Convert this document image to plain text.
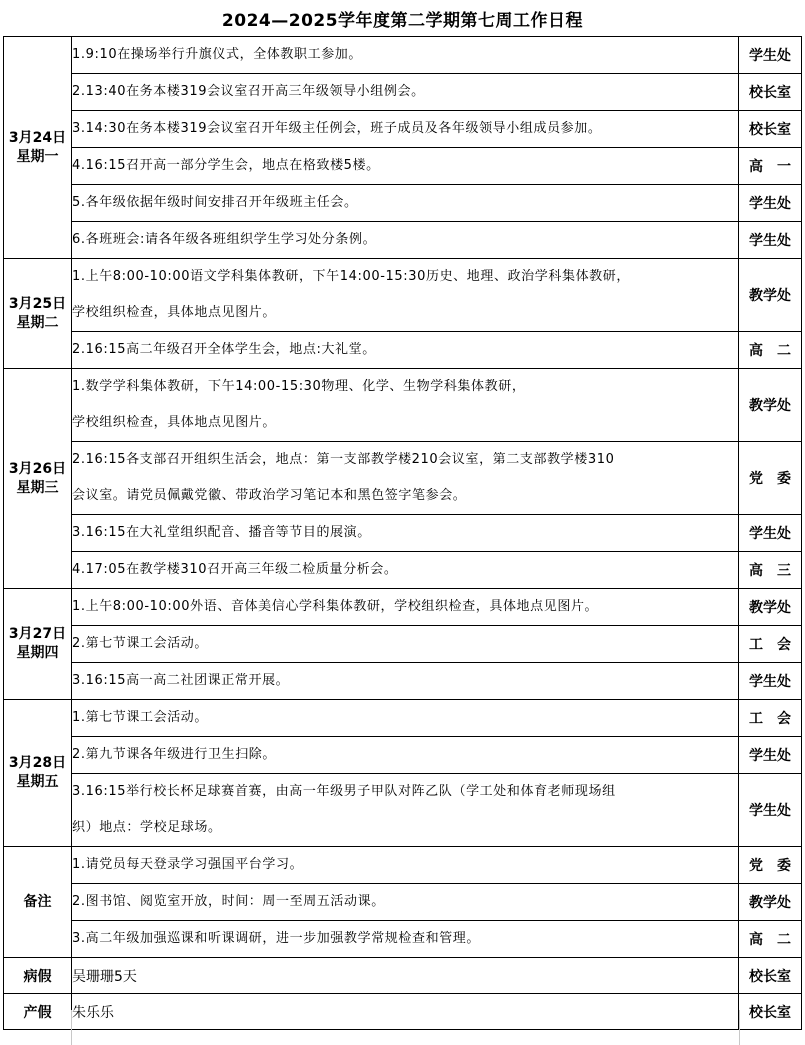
2024—2025学年度第二学期第七周工作日程
3月24日
星期一	1.9:10在操场举行升旗仪式，全体教职工参加。	学生处
	2.13:40在务本楼319会议室召开高三年级领导小组例会。	校长室
	3.14:30在务本楼319会议室召开年级主任例会，班子成员及各年级领导小组成员参加。	校长室
	4.16:15召开高一部分学生会，地点在格致楼5楼。	高　一
	5.各年级依据年级时间安排召开年级班主任会。	学生处
	6.各班班会:请各年级各班组织学生学习处分条例。	学生处

3月25日
星期二	1.上午8:00-10:00语文学科集体教研，下午14:00-15:30历史、地理、政治学科集体教研，
学校组织检查，具体地点见图片。	教学处
	2.16:15高二年级召开全体学生会，地点:大礼堂。	高　二

3月26日
星期三	1.数学学科集体教研，下午14:00-15:30物理、化学、生物学科集体教研，
学校组织检查，具体地点见图片。	教学处

	2.16:15各支部召开组织生活会，地点：第一支部教学楼210会议室，第二支部教学楼310
会议室。请党员佩戴党徽、带政治学习笔记本和黑色签字笔参会。	党　委
	3.16:15在大礼堂组织配音、播音等节目的展演。	学生处
	4.17:05在教学楼310召开高三年级二检质量分析会。	高　三

3月27日
星期四	1.上午8:00-10:00外语、音体美信心学科集体教研，学校组织检查，具体地点见图片。	教学处
	2.第七节课工会活动。	工　会
	3.16:15高一高二社团课正常开展。	学生处

3月28日
星期五	1.第七节课工会活动。	工　会
	2.第九节课各年级进行卫生扫除。	学生处

	3.16:15举行校长杯足球赛首赛，由高一年级男子甲队对阵乙队（学工处和体育老师现场组
织）地点：学校足球场。	学生处
备注	1.请党员每天登录学习强国平台学习。	党　委
	2.图书馆、阅览室开放，时间：周一至周五活动课。	教学处
	3.高二年级加强巡课和听课调研，进一步加强教学常规检查和管理。	高　二
病假	吴珊珊5天	校长室
产假	朱乐乐	校长室
